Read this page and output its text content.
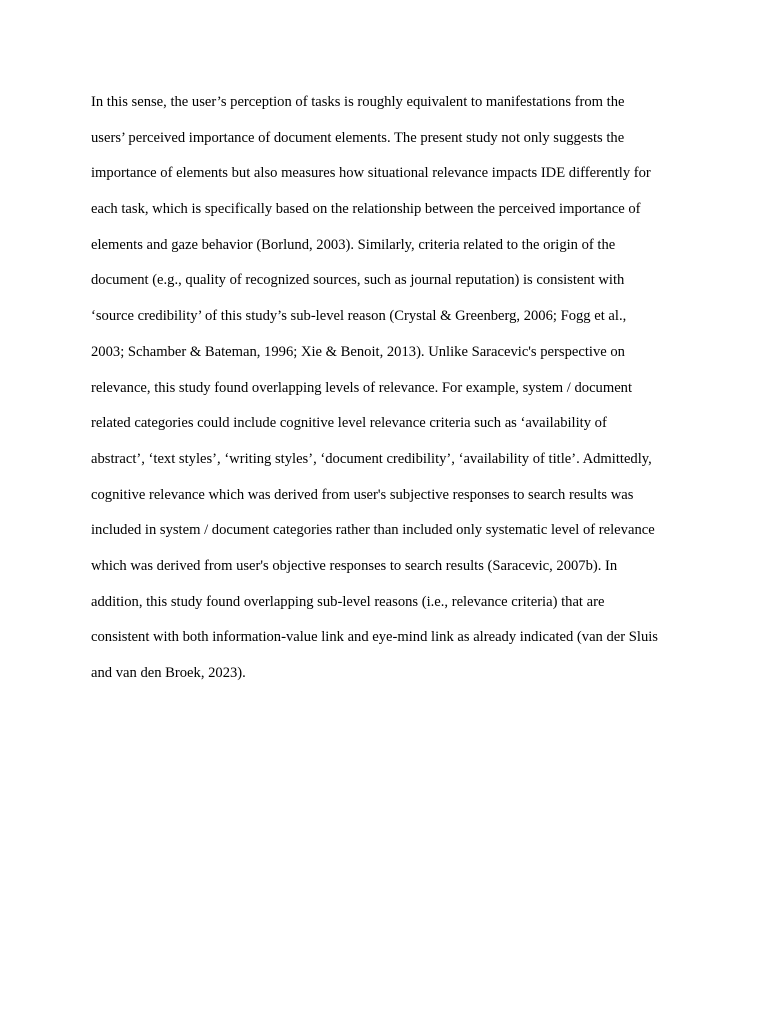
In this sense, the user’s perception of tasks is roughly equivalent to manifestations from the
users’ perceived importance of document elements. The present study not only suggests the
importance of elements but also measures how situational relevance impacts IDE differently for
each task, which is specifically based on the relationship between the perceived importance of
elements and gaze behavior (Borlund, 2003). Similarly, criteria related to the origin of the
document (e.g., quality of recognized sources, such as journal reputation) is consistent with
‘source credibility’ of this study’s sub-level reason (Crystal & Greenberg, 2006; Fogg et al.,
2003; Schamber & Bateman, 1996; Xie & Benoit, 2013). Unlike Saracevic's perspective on
relevance, this study found overlapping levels of relevance. For example, system / document
related categories could include cognitive level relevance criteria such as ‘availability of
abstract’, ‘text styles’, ‘writing styles’, ‘document credibility’, ‘availability of title’. Admittedly,
cognitive relevance which was derived from user's subjective responses to search results was
included in system / document categories rather than included only systematic level of relevance
which was derived from user's objective responses to search results (Saracevic, 2007b). In
addition, this study found overlapping sub-level reasons (i.e., relevance criteria) that are
consistent with both information-value link and eye-mind link as already indicated (van der Sluis
and van den Broek, 2023).
